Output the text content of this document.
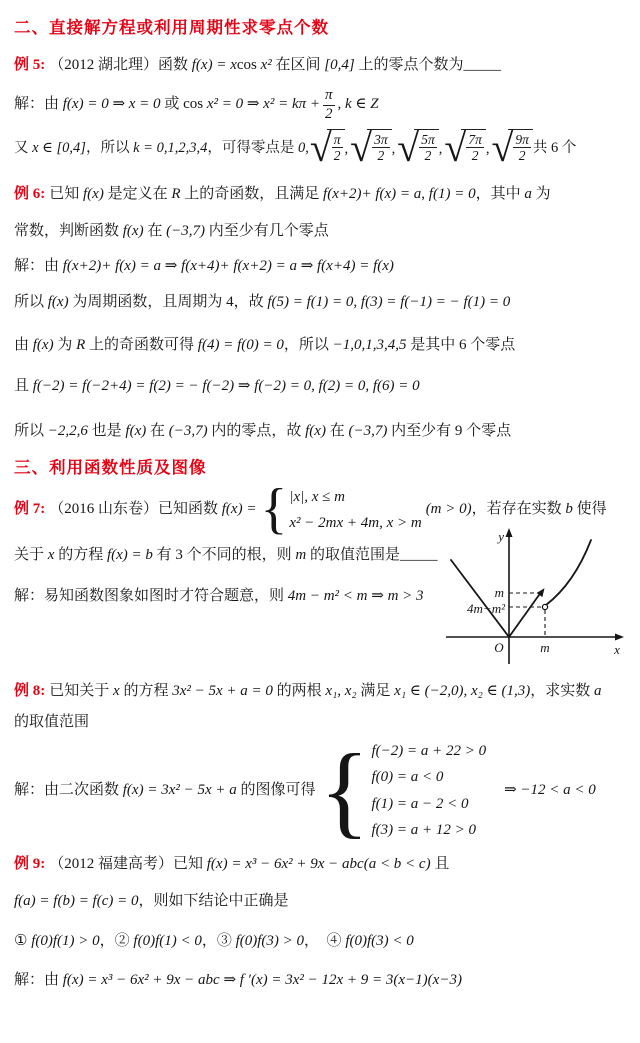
二、直接解方程或利用周期性求零点个数
例 5: （2012 湖北理）函数 f(x) = xcos x² 在区间 [0,4] 上的零点个数为_____
解：由 f(x) = 0 ⇒ x = 0 或 cos x² = 0 ⇒ $x^2 = k\pi + \frac{\pi}{2}$ , k ∈ Z
又 x ∈ [0,4]，所以 k = 0,1,2,3,4，可得零点是 0, √ $\frac{\pi}{2}$ , √ $\frac{3\pi}{2}$ , √ $\frac{5\pi}{2}$ , √ $\frac{7\pi}{2}$ , √ $\frac{9\pi}{2}$ 共 6 个
例 6: 已知 f(x) 是定义在 R 上的奇函数，且满足 f(x+2)+ f(x) = a, f(1) = 0，其中 a 为
常数，判断函数 f(x) 在 (−3,7) 内至少有几个零点
解：由 f(x+2)+ f(x) = a ⇒ f(x+4)+ f(x+2) = a ⇒ f(x+4) = f(x)
所以 f(x) 为周期函数，且周期为 4，故 f(5) = f(1) = 0, f(3) = f(−1) = − f(1) = 0
由 f(x) 为 R 上的奇函数可得 f(4) = f(0) = 0，所以 −1,0,1,3,4,5 是其中 6 个零点
且 f(−2) = f(−2+4) = f(2) = − f(−2) ⇒ f(−2) = 0, f(2) = 0, f(6) = 0
所以 −2,2,6 也是 f(x) 在 (−3,7) 内的零点，故 f(x) 在 (−3,7) 内至少有 9 个零点
三、利用函数性质及图像
例 7: （2016 山东卷）已知函数 f(x) = { |x|, x ≤ m
x² − 2mx + 4m, x > m
(m > 0)，若存在实数 b 使得
关于 x 的方程 f(x) = b 有 3 个不同的根，则 m 的取值范围是_____
解：易知函数图象如图时才符合题意，则 4m − m² < m ⇒ m > 3
y
x
O
m
4m−m²
m
例 8: 已知关于 x 的方程 3x² − 5x + a = 0 的两根 x₁, x₂ 满足 x₁ ∈ (−2,0), x₂ ∈ (1,3)，求实数 a
的取值范围
解：由二次函数 f(x) = 3x² − 5x + a 的图像可得 { f(−2) = a + 22 > 0
f(0) = a < 0
f(1) = a − 2 < 0
f(3) = a + 12 > 0
⇒ −12 < a < 0
例 9: （2012 福建高考）已知 f(x) = x³ − 6x² + 9x − abc(a < b < c) 且
f(a) = f(b) = f(c) = 0，则如下结论中正确是
① f(0)f(1) > 0，② f(0)f(1) < 0，③ f(0)f(3) > 0，　④ f(0)f(3) < 0
解：由 f(x) = x³ − 6x² + 9x − abc ⇒ f ′(x) = 3x² − 12x + 9 = 3(x−1)(x−3)
